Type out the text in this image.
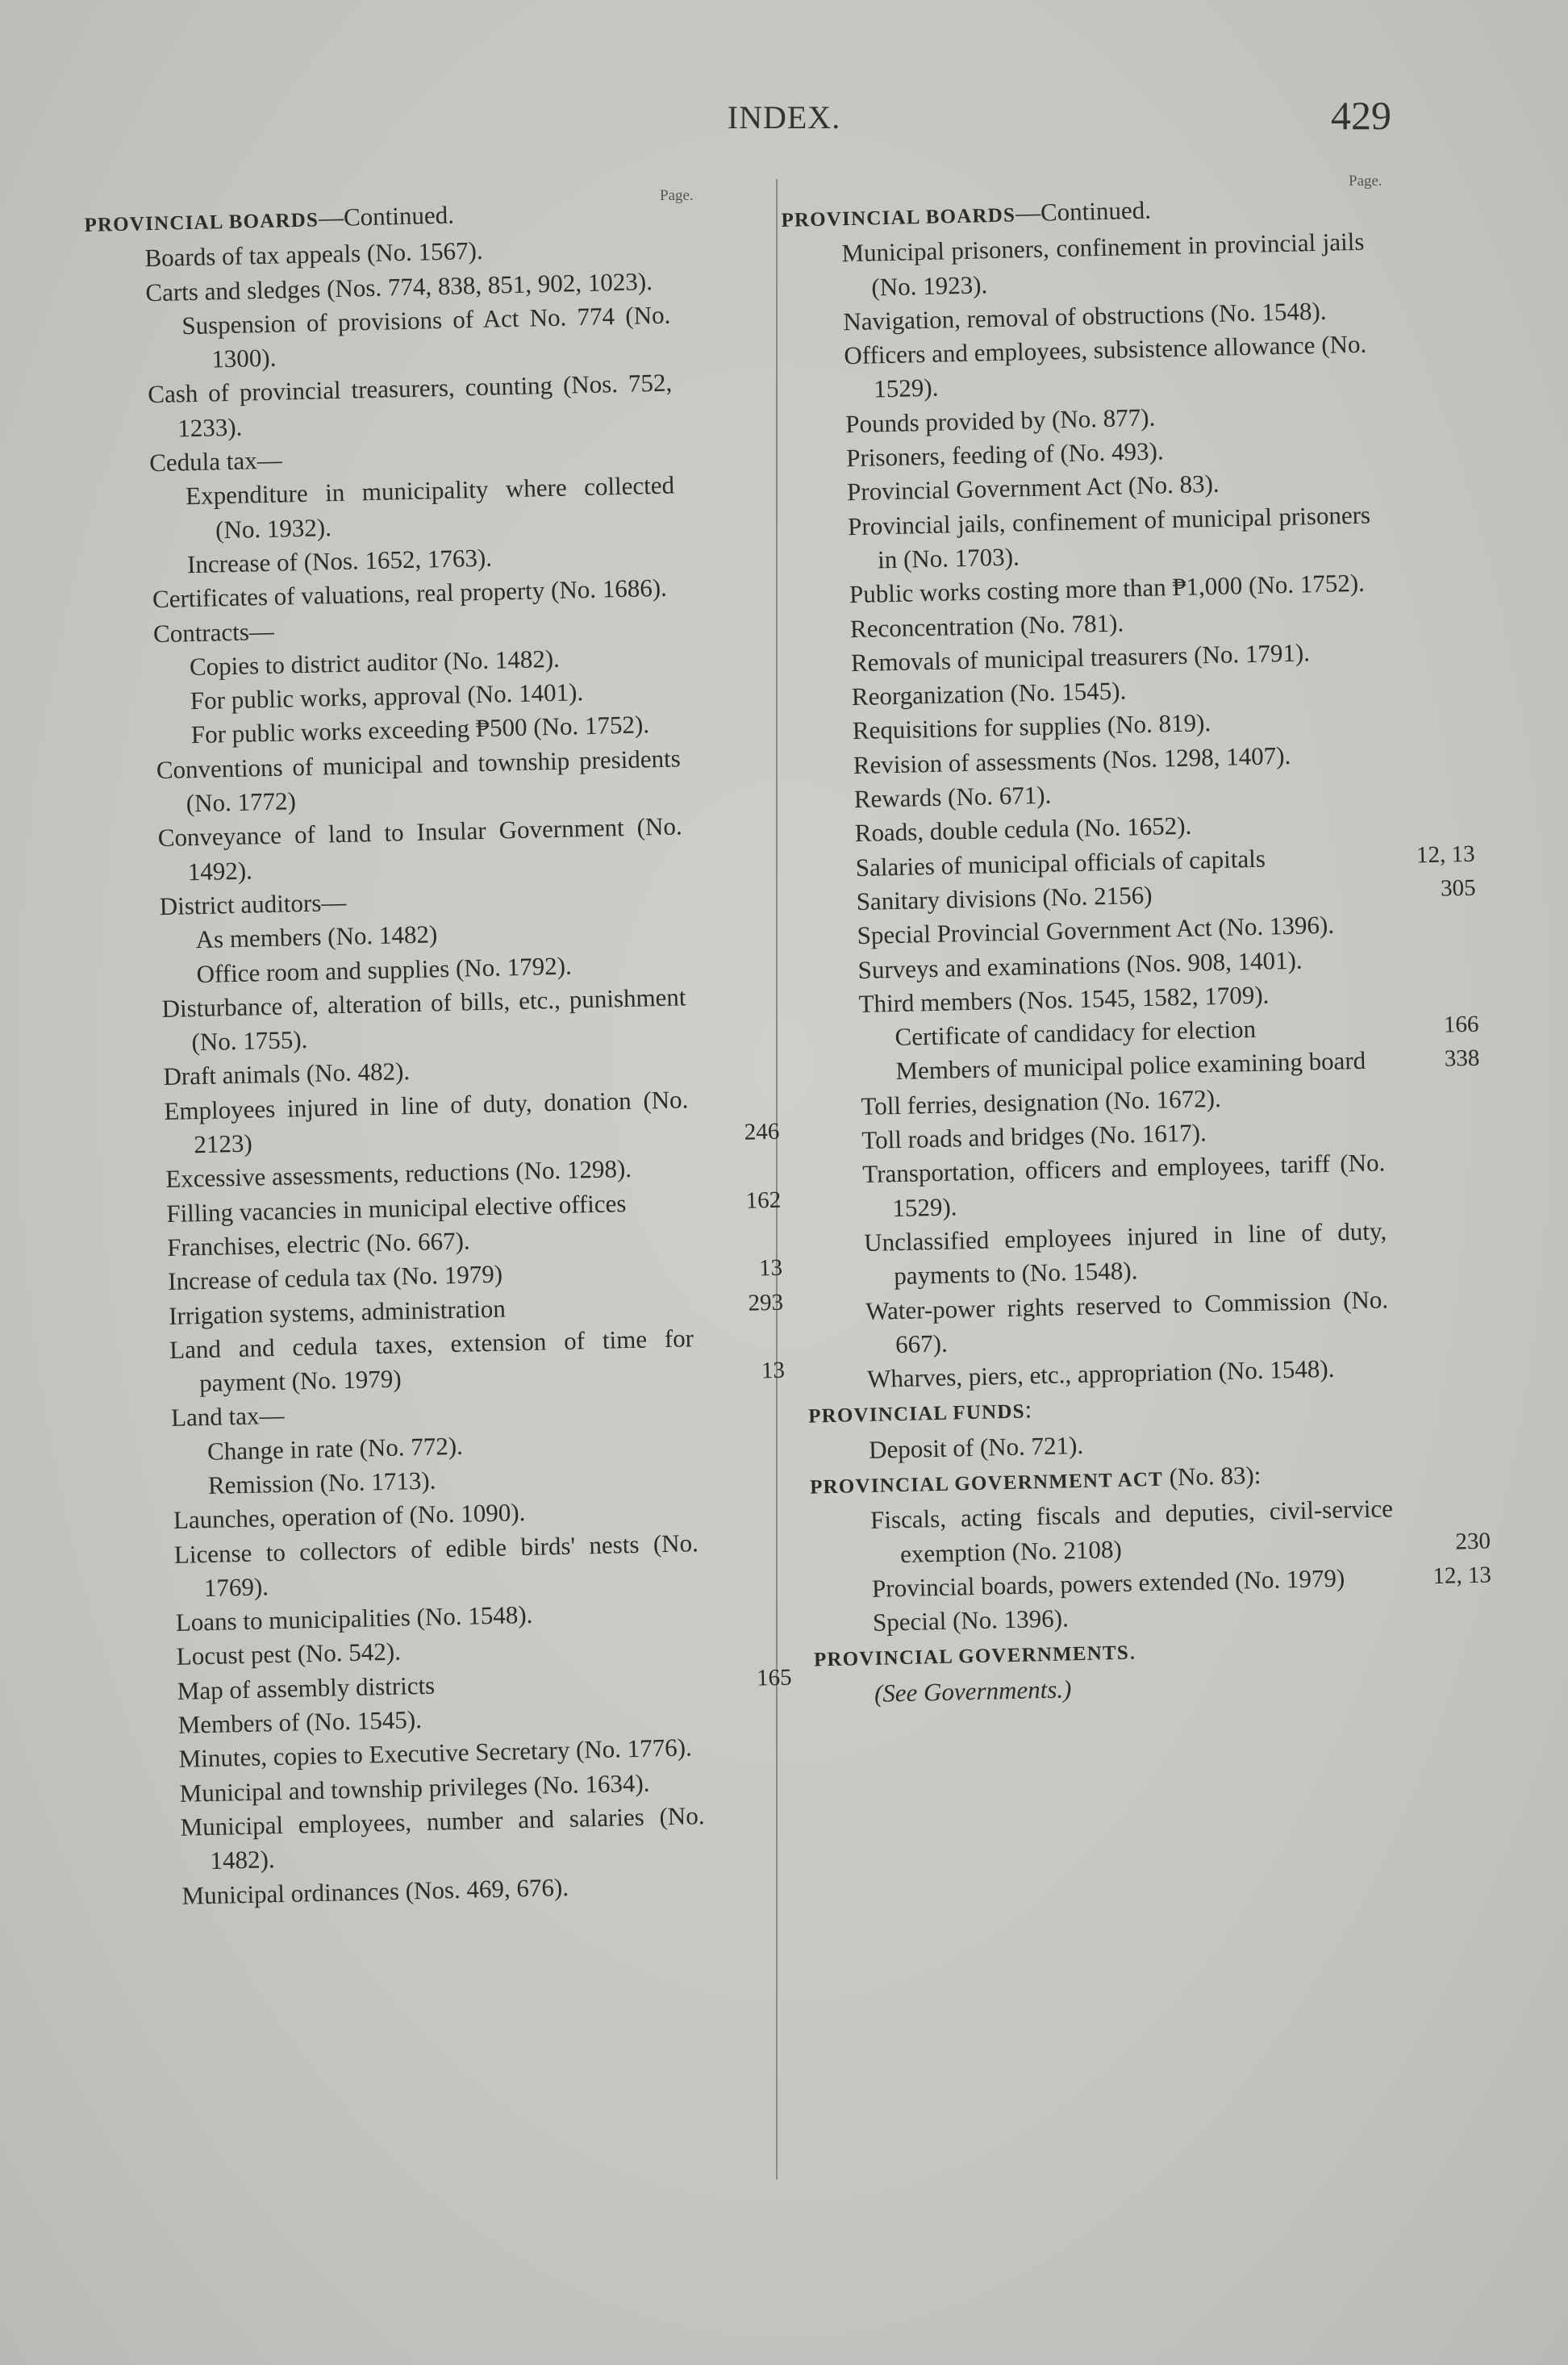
INDEX.	429
Page.
Page.
PROVINCIAL BOARDS—Continued.
Boards of tax appeals (No. 1567).
Carts and sledges (Nos. 774, 838, 851, 902, 1023).
Suspension of provisions of Act No. 774 (No. 1300).
Cash of provincial treasurers, counting (Nos. 752, 1233).
Cedula tax—
Expenditure in municipality where collected (No. 1932).
Increase of (Nos. 1652, 1763).
Certificates of valuations, real property (No. 1686).
Contracts—
Copies to district auditor (No. 1482).
For public works, approval (No. 1401).
For public works exceeding ₱500 (No. 1752).
Conventions of municipal and township presidents (No. 1772)
Conveyance of land to Insular Government (No. 1492).
District auditors—
As members (No. 1482)
Office room and supplies (No. 1792).
Disturbance of, alteration of bills, etc., punishment (No. 1755).
Draft animals (No. 482).
Employees injured in line of duty, donation (No. 2123)	246
Excessive assessments, reductions (No. 1298).
Filling vacancies in municipal elective offices	162
Franchises, electric (No. 667).
Increase of cedula tax (No. 1979)	13
Irrigation systems, administration	293
Land and cedula taxes, extension of time for payment (No. 1979)	13
Land tax—
Change in rate (No. 772).
Remission (No. 1713).
Launches, operation of (No. 1090).
License to collectors of edible birds' nests (No. 1769).
Loans to municipalities (No. 1548).
Locust pest (No. 542).
Map of assembly districts	165
Members of (No. 1545).
Minutes, copies to Executive Secretary (No. 1776).
Municipal and township privileges (No. 1634).
Municipal employees, number and salaries (No. 1482).
Municipal ordinances (Nos. 469, 676).
PROVINCIAL BOARDS—Continued.
Municipal prisoners, confinement in provincial jails (No. 1923).
Navigation, removal of obstructions (No. 1548).
Officers and employees, subsistence allowance (No. 1529).
Pounds provided by (No. 877).
Prisoners, feeding of (No. 493).
Provincial Government Act (No. 83).
Provincial jails, confinement of municipal prisoners in (No. 1703).
Public works costing more than ₱1,000 (No. 1752).
Reconcentration (No. 781).
Removals of municipal treasurers (No. 1791).
Reorganization (No. 1545).
Requisitions for supplies (No. 819).
Revision of assessments (Nos. 1298, 1407).
Rewards (No. 671).
Roads, double cedula (No. 1652).
Salaries of municipal officials of capitals	12, 13
Sanitary divisions (No. 2156)	305
Special Provincial Government Act (No. 1396).
Surveys and examinations (Nos. 908, 1401).
Third members (Nos. 1545, 1582, 1709).
Certificate of candidacy for election	166
Members of municipal police examining board	338
Toll ferries, designation (No. 1672).
Toll roads and bridges (No. 1617).
Transportation, officers and employees, tariff (No. 1529).
Unclassified employees injured in line of duty, payments to (No. 1548).
Water-power rights reserved to Commission (No. 667).
Wharves, piers, etc., appropriation (No. 1548).
PROVINCIAL FUNDS:
Deposit of (No. 721).
PROVINCIAL GOVERNMENT ACT (No. 83):
Fiscals, acting fiscals and deputies, civil-service exemption (No. 2108)	230
Provincial boards, powers extended (No. 1979)	12, 13
Special (No. 1396).
PROVINCIAL GOVERNMENTS.
(See Governments.)
